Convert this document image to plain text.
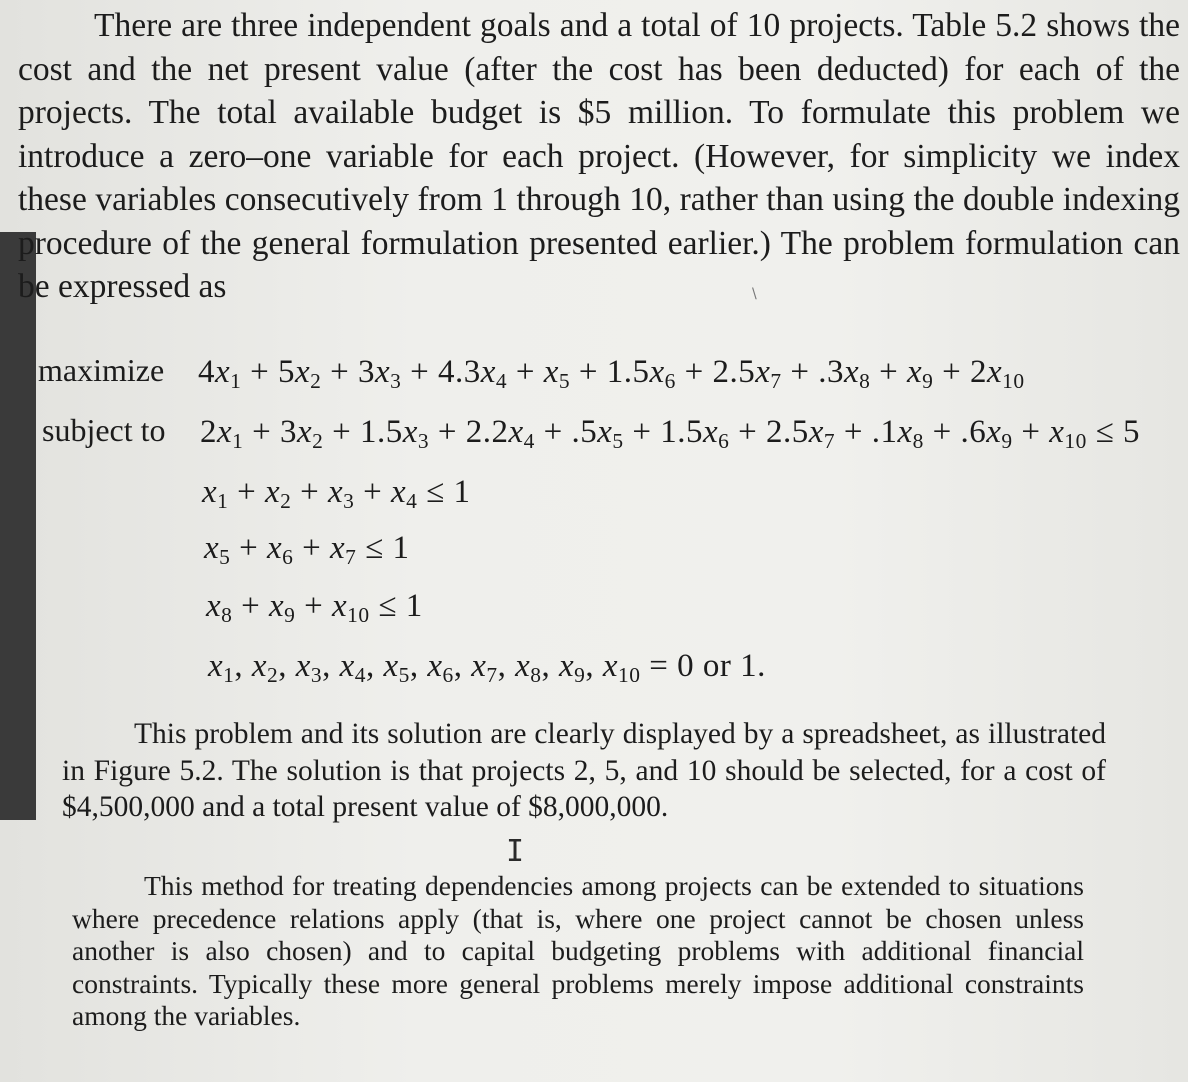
There are three independent goals and a total of 10 projects. Table 5.2 shows the cost and the net present value (after the cost has been deducted) for each of the projects. The total available budget is $5 million. To formulate this problem we introduce a zero–one variable for each project. (However, for simplicity we index these variables consecutively from 1 through 10, rather than using the double indexing procedure of the general formulation presented earlier.) The problem formulation can be expressed as	\
maximize $4x_1 + 5x_2 + 3x_3 + 4.3x_4 + x_5 + 1.5x_6 + 2.5x_7 + .3x_8 + x_9 + 2x_{10}$
subject to $2x_1 + 3x_2 + 1.5x_3 + 2.2x_4 + .5x_5 + 1.5x_6 + 2.5x_7 + .1x_8 + .6x_9 + x_{10} \le 5$
$x_1 + x_2 + x_3 + x_4 \le 1$
$x_5 + x_6 + x_7 \le 1$
$x_8 + x_9 + x_{10} \le 1$
$x_1$, $x_2$, $x_3$, $x_4$, $x_5$, $x_6$, $x_7$, $x_8$, $x_9$, $x_{10} = 0$ or 1.
This problem and its solution are clearly displayed by a spreadsheet, as illustrated in Figure 5.2. The solution is that projects 2, 5, and 10 should be selected, for a cost of $4,500,000 and a total present value of $8,000,000.
I
This method for treating dependencies among projects can be extended to situations where precedence relations apply (that is, where one project cannot be chosen unless another is also chosen) and to capital budgeting problems with additional financial constraints. Typically these more general problems merely impose additional constraints among the variables.
